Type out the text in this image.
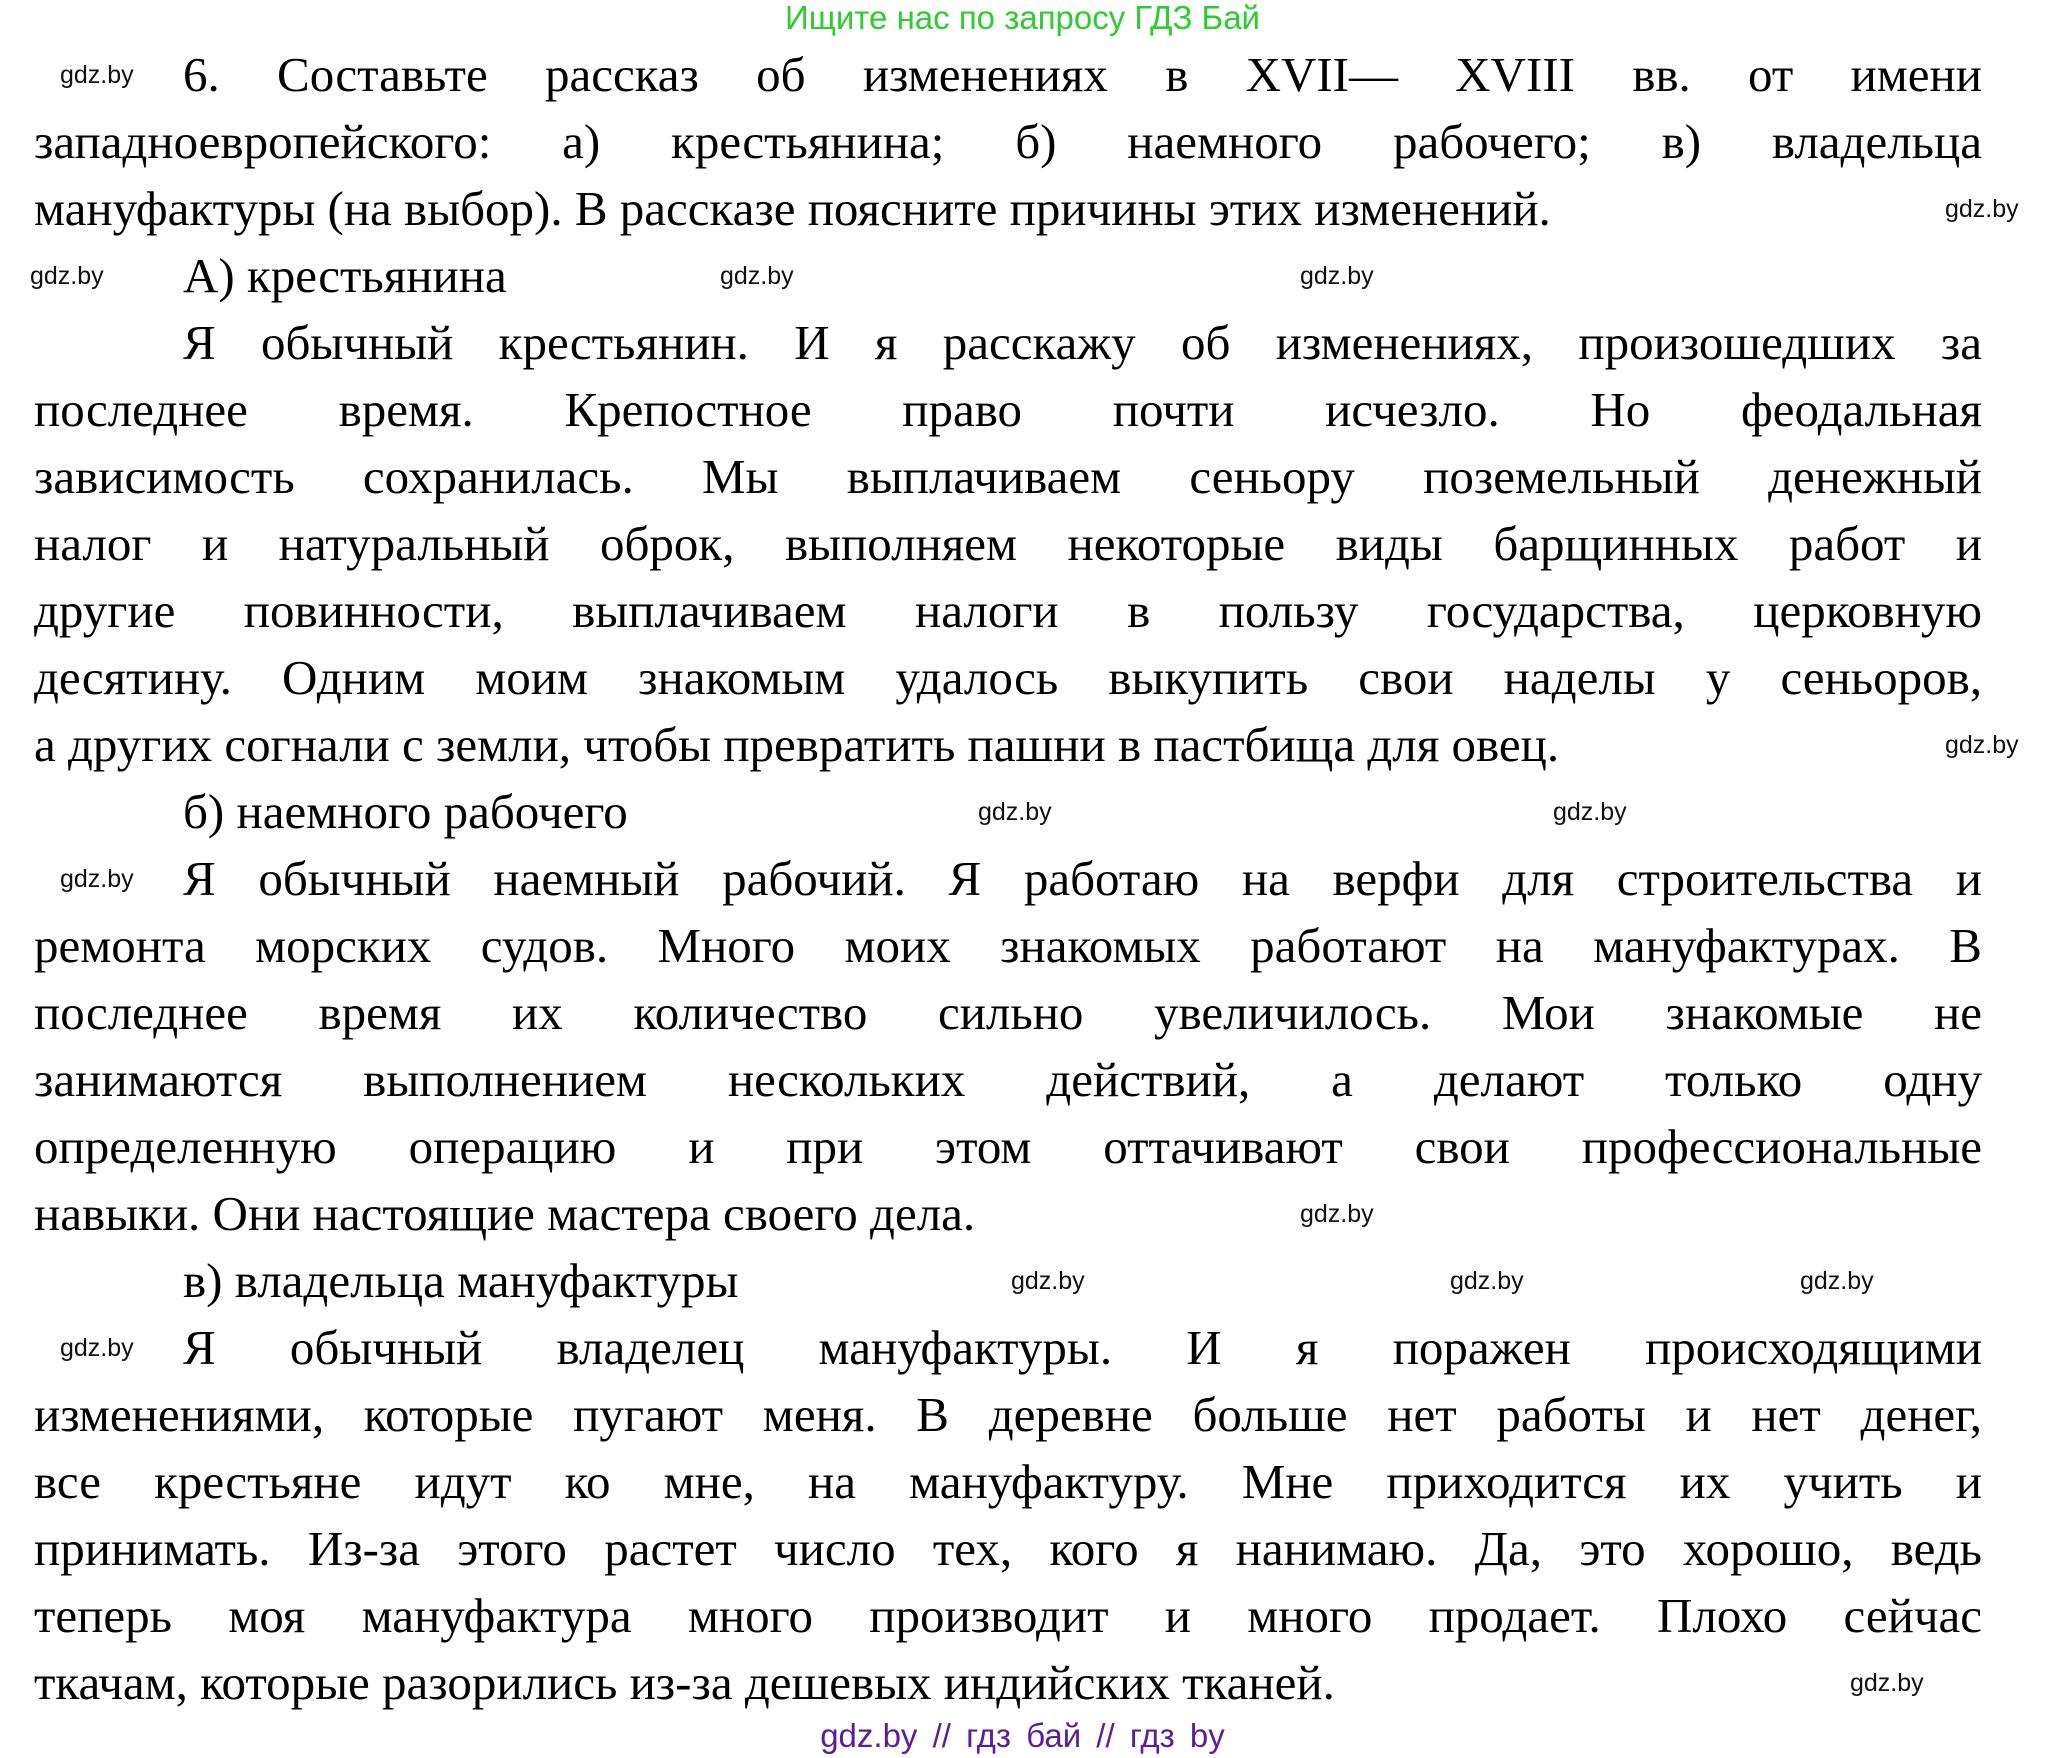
Ищите нас по запросу ГДЗ Бай
6. Составьте рассказ об изменениях в XVII— XVIII вв. от имени
западноевропейского: а) крестьянина; б) наемного рабочего; в) владельца
мануфактуры (на выбор). В рассказе поясните причины этих изменений.
А) крестьянина
Я обычный крестьянин. И я расскажу об изменениях, произошедших за
последнее время. Крепостное право почти исчезло. Но феодальная
зависимость сохранилась. Мы выплачиваем сеньору поземельный денежный
налог и натуральный оброк, выполняем некоторые виды барщинных работ и
другие повинности, выплачиваем налоги в пользу государства, церковную
десятину. Одним моим знакомым удалось выкупить свои наделы у сеньоров,
а других согнали с земли, чтобы превратить пашни в пастбища для овец.
б) наемного рабочего
Я обычный наемный рабочий. Я работаю на верфи для строительства и
ремонта морских судов. Много моих знакомых работают на мануфактурах. В
последнее время их количество сильно увеличилось. Мои знакомые не
занимаются выполнением нескольких действий, а делают только одну
определенную операцию и при этом оттачивают свои профессиональные
навыки. Они настоящие мастера своего дела.
в) владельца мануфактуры
Я обычный владелец мануфактуры. И я поражен происходящими
изменениями, которые пугают меня. В деревне больше нет работы и нет денег,
все крестьяне идут ко мне, на мануфактуру. Мне приходится их учить и
принимать. Из-за этого растет число тех, кого я нанимаю. Да, это хорошо, ведь
теперь моя мануфактура много производит и много продает. Плохо сейчас
ткачам, которые разорились из-за дешевых индийских тканей.
gdz.by
gdz.by
gdz.by	gdz.by
gdz.by
gdz.by
gdz.by
gdz.by
gdz.by
gdz.by
gdz.by
gdz.by
gdz.by
gdz.by
gdz.by
gdz.by // гдз бай // гдз by
